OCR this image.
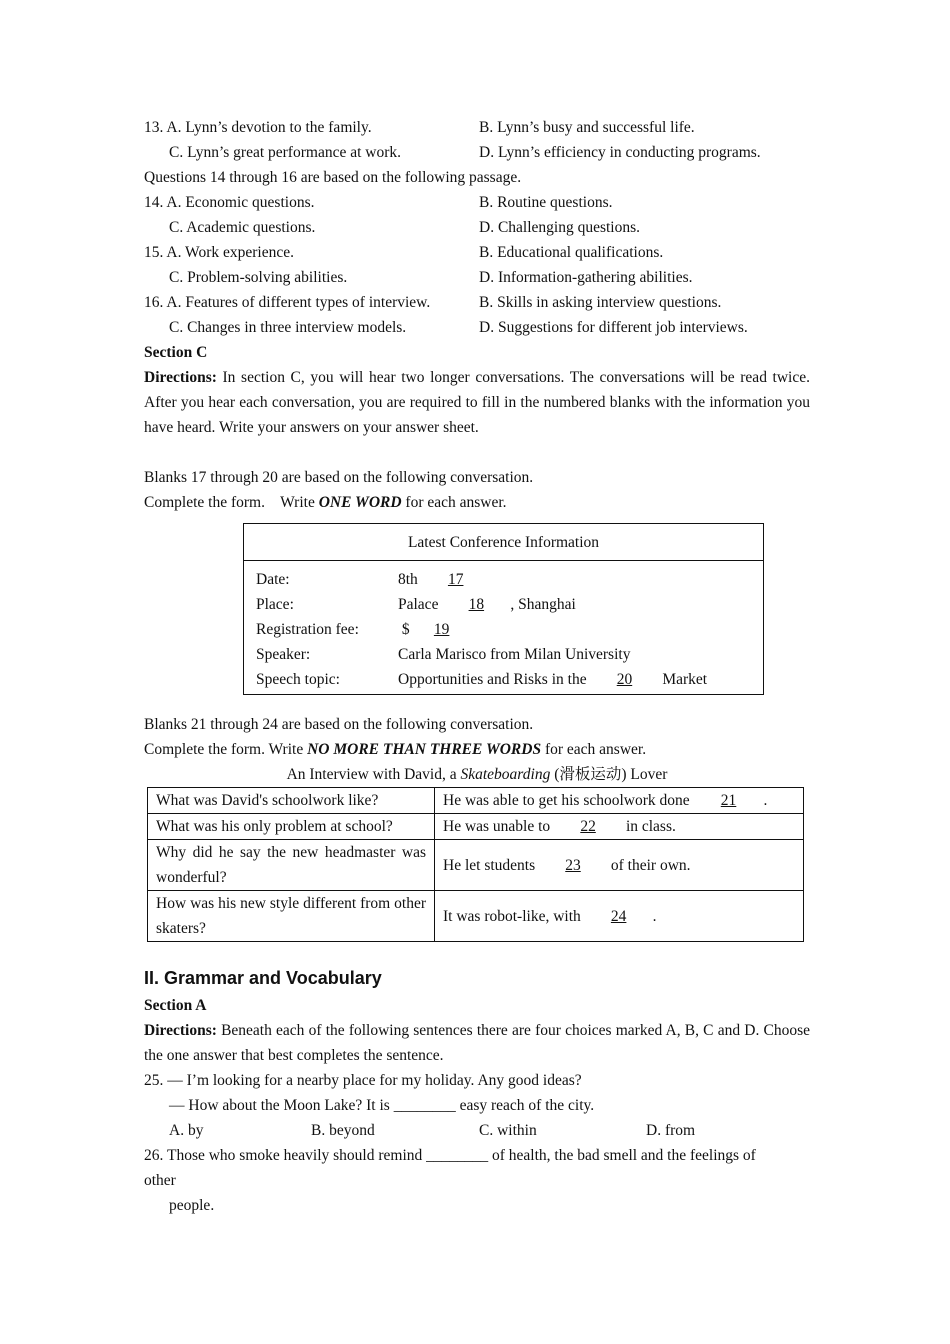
13. A. Lynn’s devotion to the family.	B. Lynn’s busy and successful life.
C. Lynn’s great performance at work.	D. Lynn’s efficiency in conducting programs.
Questions 14 through 16 are based on the following passage.
14. A. Economic questions.	B. Routine questions.
C. Academic questions.	D. Challenging questions.
15. A. Work experience.	B. Educational qualifications.
C. Problem-solving abilities.	D. Information-gathering abilities.
16. A. Features of different types of interview.	B. Skills in asking interview questions.
C. Changes in three interview models.	D. Suggestions for different job interviews.
Section C
Directions: In section C, you will hear two longer conversations. The conversations will be read twice. After you hear each conversation, you are required to fill in the numbered blanks with the information you have heard. Write your answers on your answer sheet.
Blanks 17 through 20 are based on the following conversation.
Complete the form.    Write ONE WORD for each answer.
Latest Conference Information
Date:	8th 17
Place:	Palace 18 , Shanghai
Registration fee:	$ 19
Speaker:	Carla Marisco from Milan University
Speech topic:	Opportunities and Risks in the 20 Market
Blanks 21 through 24 are based on the following conversation.
Complete the form. Write NO MORE THAN THREE WORDS for each answer.
An Interview with David, a Skateboarding (滑板运动) Lover
What was David's schoolwork like?	He was able to get his schoolwork done 21 .
What was his only problem at school?	He was unable to 22 in class.
Why did he say the new headmaster was wonderful?	He let students 23 of their own.
How was his new style different from other skaters?	It was robot-like, with 24 .
II. Grammar and Vocabulary
Section A
Directions: Beneath each of the following sentences there are four choices marked A, B, C and D. Choose the one answer that best completes the sentence.
25. — I’m looking for a nearby place for my holiday. Any good ideas?
— How about the Moon Lake? It is ________ easy reach of the city.
A. by	B. beyond	C. within	D. from
26. Those who smoke heavily should remind ________ of health, the bad smell and the feelings of
other
people.
